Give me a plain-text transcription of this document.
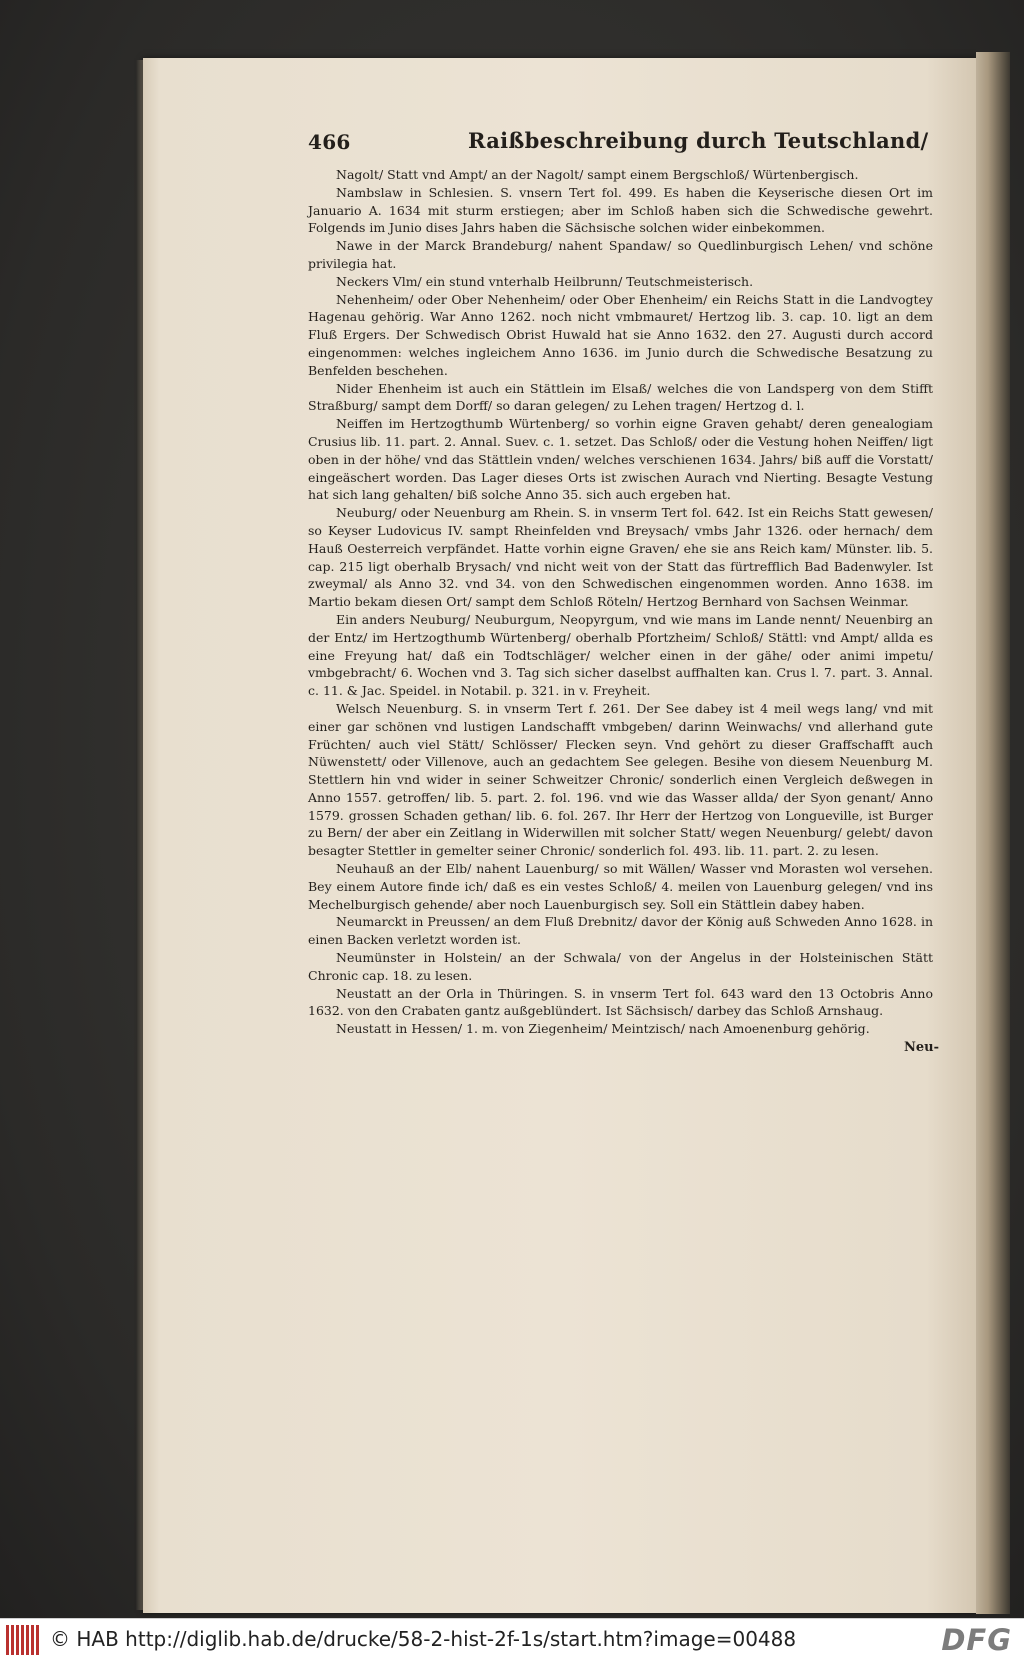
466	Raißbeschreibung durch Teutschland/

Nagolt/ Statt vnd Ampt/ an der Nagolt/ sampt einem Bergschloß/ Würtenbergisch.

Nambslaw in Schlesien. S. vnsern Tert fol. 499. Es haben die Keyserische diesen Ort im Januario A. 1634 mit sturm erstiegen; aber im Schloß haben sich die Schwedische gewehrt. Folgends im Junio dises Jahrs haben die Sächsische solchen wider einbekommen.

Nawe in der Marck Brandeburg/ nahent Spandaw/ so Quedlinburgisch Lehen/ vnd schöne privilegia hat.

Neckers Vlm/ ein stund vnterhalb Heilbrunn/ Teutschmeisterisch.

Nehenheim/ oder Ober Nehenheim/ oder Ober Ehenheim/ ein Reichs Statt in die Landvogtey Hagenau gehörig. War Anno 1262. noch nicht vmbmauret/ Hertzog lib. 3. cap. 10. ligt an dem Fluß Ergers. Der Schwedisch Obrist Huwald hat sie Anno 1632. den 27. Augusti durch accord eingenommen: welches ingleichem Anno 1636. im Junio durch die Schwedische Besatzung zu Benfelden beschehen.

Nider Ehenheim ist auch ein Stättlein im Elsaß/ welches die von Landsperg von dem Stifft Straßburg/ sampt dem Dorff/ so daran gelegen/ zu Lehen tragen/ Hertzog d. l.

Neiffen im Hertzogthumb Würtenberg/ so vorhin eigne Graven gehabt/ deren genealogiam Crusius lib. 11. part. 2. Annal. Suev. c. 1. setzet. Das Schloß/ oder die Vestung hohen Neiffen/ ligt oben in der höhe/ vnd das Stättlein vnden/ welches verschienen 1634. Jahrs/ biß auff die Vorstatt/ eingeäschert worden. Das Lager dieses Orts ist zwischen Aurach vnd Nierting. Besagte Vestung hat sich lang gehalten/ biß solche Anno 35. sich auch ergeben hat.

Neuburg/ oder Neuenburg am Rhein. S. in vnserm Tert fol. 642. Ist ein Reichs Statt gewesen/ so Keyser Ludovicus IV. sampt Rheinfelden vnd Breysach/ vmbs Jahr 1326. oder hernach/ dem Hauß Oesterreich verpfändet. Hatte vorhin eigne Graven/ ehe sie ans Reich kam/ Münster. lib. 5. cap. 215 ligt oberhalb Brysach/ vnd nicht weit von der Statt das fürtrefflich Bad Badenwyler. Ist zweymal/ als Anno 32. vnd 34. von den Schwedischen eingenommen worden. Anno 1638. im Martio bekam diesen Ort/ sampt dem Schloß Röteln/ Hertzog Bernhard von Sachsen Weinmar.

Ein anders Neuburg/ Neuburgum, Neopyrgum, vnd wie mans im Lande nennt/ Neuenbirg an der Entz/ im Hertzogthumb Würtenberg/ oberhalb Pfortzheim/ Schloß/ Stättl: vnd Ampt/ allda es eine Freyung hat/ daß ein Todtschläger/ welcher einen in der gähe/ oder animi impetu/ vmbgebracht/ 6. Wochen vnd 3. Tag sich sicher daselbst auffhalten kan. Crus l. 7. part. 3. Annal. c. 11. & Jac. Speidel. in Notabil. p. 321. in v. Freyheit.

Welsch Neuenburg. S. in vnserm Tert f. 261. Der See dabey ist 4 meil wegs lang/ vnd mit einer gar schönen vnd lustigen Landschafft vmbgeben/ darinn Weinwachs/ vnd allerhand gute Früchten/ auch viel Stätt/ Schlösser/ Flecken seyn. Vnd gehört zu dieser Graffschafft auch Nüwenstett/ oder Villenove, auch an gedachtem See gelegen. Besihe von diesem Neuenburg M. Stettlern hin vnd wider in seiner Schweitzer Chronic/ sonderlich einen Vergleich deßwegen in Anno 1557. getroffen/ lib. 5. part. 2. fol. 196. vnd wie das Wasser allda/ der Syon genant/ Anno 1579. grossen Schaden gethan/ lib. 6. fol. 267. Ihr Herr der Hertzog von Longueville, ist Burger zu Bern/ der aber ein Zeitlang in Widerwillen mit solcher Statt/ wegen Neuenburg/ gelebt/ davon besagter Stettler in gemelter seiner Chronic/ sonderlich fol. 493. lib. 11. part. 2. zu lesen.

Neuhauß an der Elb/ nahent Lauenburg/ so mit Wällen/ Wasser vnd Morasten wol versehen. Bey einem Autore finde ich/ daß es ein vestes Schloß/ 4. meilen von Lauenburg gelegen/ vnd ins Mechelburgisch gehende/ aber noch Lauenburgisch sey. Soll ein Stättlein dabey haben.

Neumarckt in Preussen/ an dem Fluß Drebnitz/ davor der König auß Schweden Anno 1628. in einen Backen verletzt worden ist.

Neumünster in Holstein/ an der Schwala/ von der Angelus in der Holsteinischen Stätt Chronic cap. 18. zu lesen.

Neustatt an der Orla in Thüringen. S. in vnserm Tert fol. 643 ward den 13 Octobris Anno 1632. von den Crabaten gantz außgeblündert. Ist Sächsisch/ darbey das Schloß Arnshaug.

Neustatt in Hessen/ 1. m. von Ziegenheim/ Meintzisch/ nach Amoenenburg gehörig.

Neu-
© HAB http://diglib.hab.de/drucke/58-2-hist-2f-1s/start.htm?image=00488	DFG
